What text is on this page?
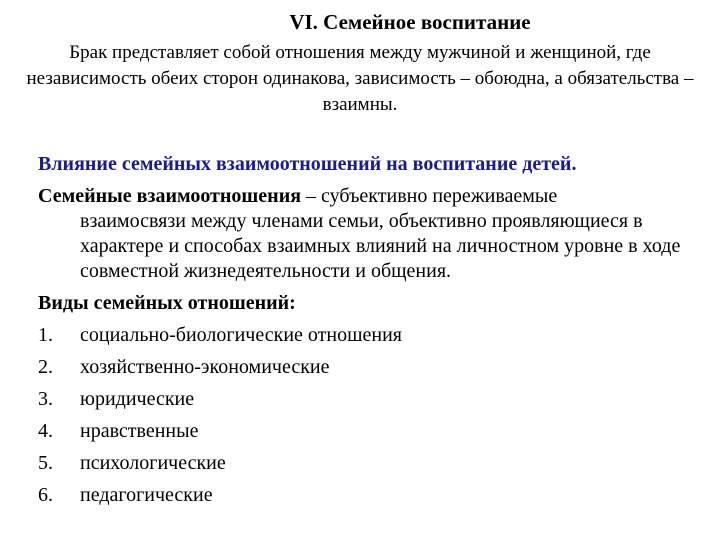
VI. Семейное воспитание
Брак представляет собой отношения между мужчиной и женщиной, где независимость обеих сторон одинакова, зависимость – обоюдна, а обязательства – взаимны.
Влияние семейных взаимоотношений на воспитание детей.
Семейные взаимоотношения – субъективно переживаемые
взаимосвязи между членами семьи, объективно проявляющиеся в характере и способах взаимных влияний на личностном уровне в ходе совместной жизнедеятельности и общения.
Виды семейных отношений:
1.	социально-биологические отношения
2.	хозяйственно-экономические
3.	юридические
4.	нравственные
5.	психологические
6.	педагогические
